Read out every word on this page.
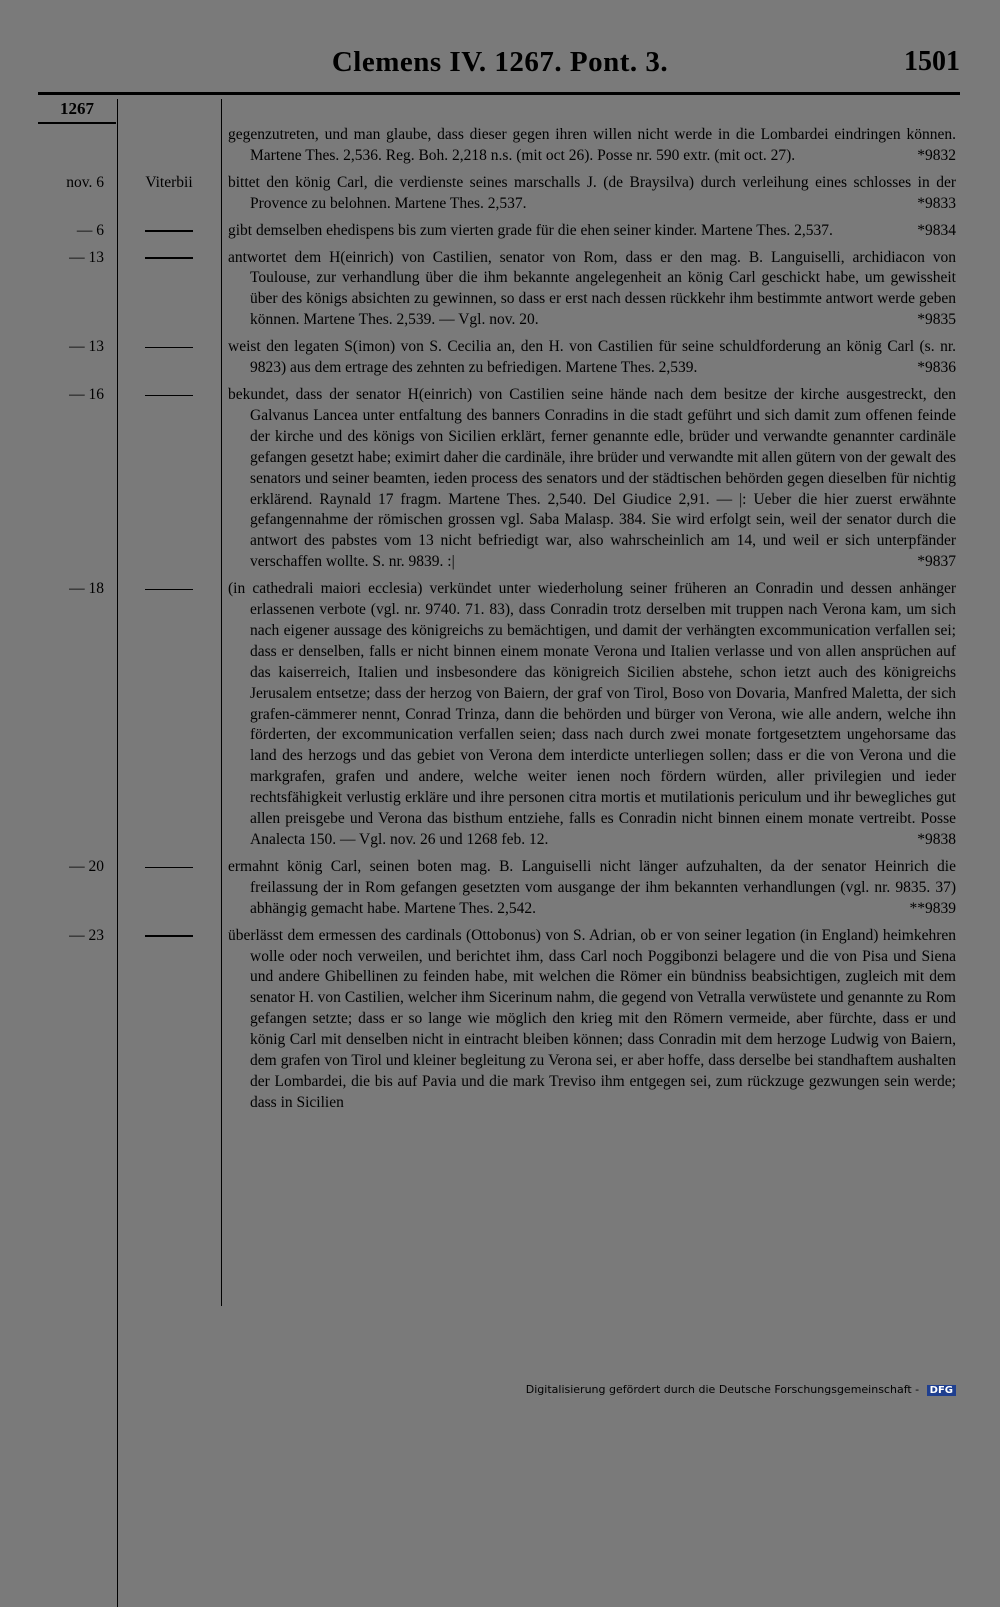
Clemens IV. 1267. Pont. 3.	1501
1267
gegenzutreten, und man glaube, dass dieser gegen ihren willen nicht werde in die Lombardei eindringen können. Martene Thes. 2,536. Reg. Boh. 2,218 n.s. (mit oct 26). Posse nr. 590 extr. (mit oct. 27).	*9832
nov. 6	Viterbii	bittet den könig Carl, die verdienste seines marschalls J. (de Braysilva) durch verleihung eines schlosses in der Provence zu belohnen. Martene Thes. 2,537.	*9833
— 6	gibt demselben ehedispens bis zum vierten grade für die ehen seiner kinder. Martene Thes. 2,537.	*9834
— 13	antwortet dem H(einrich) von Castilien, senator von Rom, dass er den mag. B. Languiselli, archidiacon von Toulouse, zur verhandlung über die ihm bekannte angelegenheit an könig Carl geschickt habe, um gewissheit über des königs absichten zu gewinnen, so dass er erst nach dessen rückkehr ihm bestimmte antwort werde geben können. Martene Thes. 2,539. — Vgl. nov. 20.	*9835
— 13	weist den legaten S(imon) von S. Cecilia an, den H. von Castilien für seine schuldforderung an könig Carl (s. nr. 9823) aus dem ertrage des zehnten zu befriedigen. Martene Thes. 2,539.	*9836
— 16	bekundet, dass der senator H(einrich) von Castilien seine hände nach dem besitze der kirche ausgestreckt, den Galvanus Lancea unter entfaltung des banners Conradins in die stadt geführt und sich damit zum offenen feinde der kirche und des königs von Sicilien erklärt, ferner genannte edle, brüder und verwandte genannter cardinäle gefangen gesetzt habe; eximirt daher die cardinäle, ihre brüder und verwandte mit allen gütern von der gewalt des senators und seiner beamten, ieden process des senators und der städtischen behörden gegen dieselben für nichtig erklärend. Raynald 17 fragm. Martene Thes. 2,540. Del Giudice 2,91. — |: Ueber die hier zuerst erwähnte gefangennahme der römischen grossen vgl. Saba Malasp. 384. Sie wird erfolgt sein, weil der senator durch die antwort des pabstes vom 13 nicht befriedigt war, also wahrscheinlich am 14, und weil er sich unterpfänder verschaffen wollte. S. nr. 9839. :|	*9837
— 18	(in cathedrali maiori ecclesia) verkündet unter wiederholung seiner früheren an Conradin und dessen anhänger erlassenen verbote (vgl. nr. 9740. 71. 83), dass Conradin trotz derselben mit truppen nach Verona kam, um sich nach eigener aussage des königreichs zu bemächtigen, und damit der verhängten excommunication verfallen sei; dass er denselben, falls er nicht binnen einem monate Verona und Italien verlasse und von allen ansprüchen auf das kaiserreich, Italien und insbesondere das königreich Sicilien abstehe, schon ietzt auch des königreichs Jerusalem entsetze; dass der herzog von Baiern, der graf von Tirol, Boso von Dovaria, Manfred Maletta, der sich grafen-cämmerer nennt, Conrad Trinza, dann die behörden und bürger von Verona, wie alle andern, welche ihn förderten, der excommunication verfallen seien; dass nach durch zwei monate fortgesetztem ungehorsame das land des herzogs und das gebiet von Verona dem interdicte unterliegen sollen; dass er die von Verona und die markgrafen, grafen und andere, welche weiter ienen noch fördern würden, aller privilegien und ieder rechtsfähigkeit verlustig erkläre und ihre personen citra mortis et mutilationis periculum und ihr bewegliches gut allen preisgebe und Verona das bisthum entziehe, falls es Conradin nicht binnen einem monate vertreibt. Posse Analecta 150. — Vgl. nov. 26 und 1268 feb. 12.	*9838
— 20	ermahnt könig Carl, seinen boten mag. B. Languiselli nicht länger aufzuhalten, da der senator Heinrich die freilassung der in Rom gefangen gesetzten vom ausgange der ihm bekannten verhandlungen (vgl. nr. 9835. 37) abhängig gemacht habe. Martene Thes. 2,542.	**9839
— 23	überlässt dem ermessen des cardinals (Ottobonus) von S. Adrian, ob er von seiner legation (in England) heimkehren wolle oder noch verweilen, und berichtet ihm, dass Carl noch Poggibonzi belagere und die von Pisa und Siena und andere Ghibellinen zu feinden habe, mit welchen die Römer ein bündniss beabsichtigen, zugleich mit dem senator H. von Castilien, welcher ihm Sicerinum nahm, die gegend von Vetralla verwüstete und genannte zu Rom gefangen setzte; dass er so lange wie möglich den krieg mit den Römern vermeide, aber fürchte, dass er und könig Carl mit denselben nicht in eintracht bleiben können; dass Conradin mit dem herzoge Ludwig von Baiern, dem grafen von Tirol und kleiner begleitung zu Verona sei, er aber hoffe, dass derselbe bei standhaftem aushalten der Lombardei, die bis auf Pavia und die mark Treviso ihm entgegen sei, zum rückzuge gezwungen sein werde; dass in Sicilien
Digitalisierung gefördert durch die Deutsche Forschungsgemeinschaft - DFG
